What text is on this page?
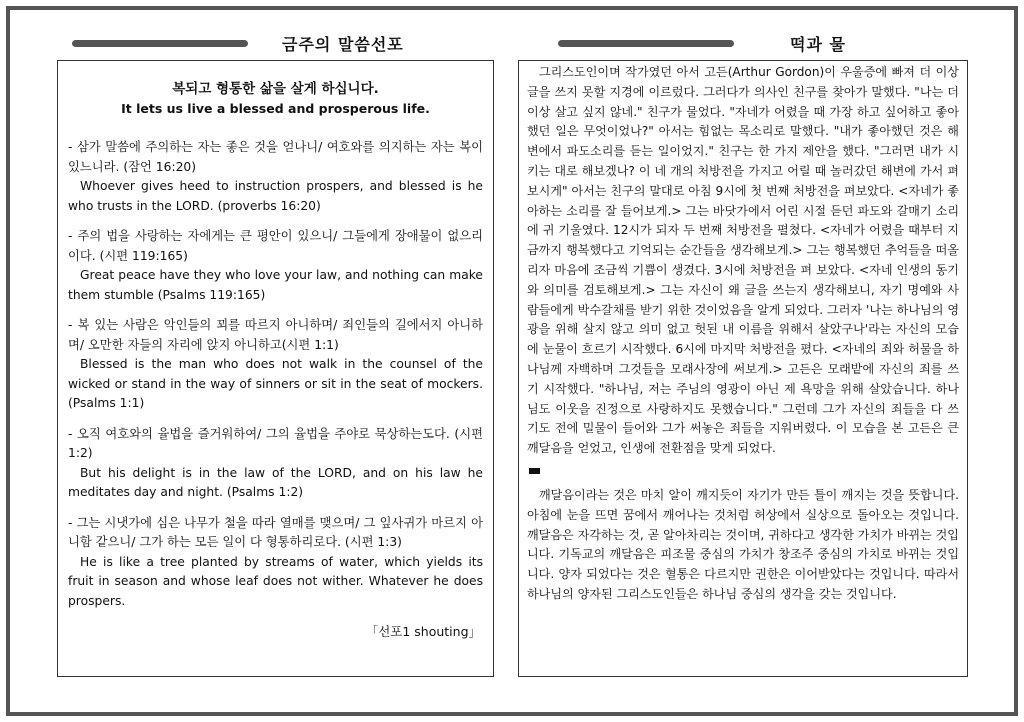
금주의 말씀선포	떡과 물
복되고 형통한 삶을 살게 하십니다.
It lets us live a blessed and prosperous life.
- 삼가 말씀에 주의하는 자는 좋은 것을 얻나니/ 여호와를 의지하는 자는 복이 있느니라. (잠언 16:20)
Whoever gives heed to instruction prospers, and blessed is he who trusts in the LORD. (proverbs 16:20)
- 주의 법을 사랑하는 자에게는 큰 평안이 있으니/ 그들에게 장애물이 없으리이다. (시편 119:165)
Great peace have they who love your law, and nothing can make them stumble (Psalms 119:165)
- 복 있는 사람은 악인들의 꾀를 따르지 아니하며/ 죄인들의 길에서지 아니하며/ 오만한 자들의 자리에 앉지 아니하고(시편 1:1)
Blessed is the man who does not walk in the counsel of the wicked or stand in the way of sinners or sit in the seat of mockers. (Psalms 1:1)
- 오직 여호와의 율법을 즐거워하여/ 그의 율법을 주야로 묵상하는도다. (시편 1:2)
But his delight is in the law of the LORD, and on his law he meditates day and night. (Psalms 1:2)
- 그는 시냇가에 심은 나무가 철을 따라 열매를 맺으며/ 그 잎사귀가 마르지 아니함 같으니/ 그가 하는 모든 일이 다 형통하리로다. (시편 1:3)
He is like a tree planted by streams of water, which yields its fruit in season and whose leaf does not wither. Whatever he does prospers.
「선포1 shouting」

그리스도인이며 작가였던 아서 고든(Arthur Gordon)이 우울증에 빠져 더 이상 글을 쓰지 못할 지경에 이르렀다. 그러다가 의사인 친구를 찾아가 말했다. "나는 더 이상 살고 싶지 않네." 친구가 물었다. "자네가 어렸을 때 가장 하고 싶어하고 좋아했던 일은 무엇이었나?" 아서는 힘없는 목소리로 말했다. "내가 좋아했던 것은 해변에서 파도소리를 듣는 일이었지." 친구는 한 가지 제안을 했다. "그러면 내가 시키는 대로 해보겠나? 이 네 개의 처방전을 가지고 어릴 때 놀러갔던 해변에 가서 펴보시게" 아서는 친구의 말대로 아침 9시에 첫 번째 처방전을 펴보았다. <자네가 좋아하는 소리를 잘 들어보게.> 그는 바닷가에서 어린 시절 듣던 파도와 갈매기 소리에 귀 기울였다. 12시가 되자 두 번째 처방전을 펼쳤다. <자네가 어렸을 때부터 지금까지 행복했다고 기억되는 순간들을 생각해보게.> 그는 행복했던 추억들을 떠올리자 마음에 조금씩 기쁨이 생겼다. 3시에 처방전을 펴 보았다. <자네 인생의 동기와 의미를 검토해보게.> 그는 자신이 왜 글을 쓰는지 생각해보니, 자기 명예와 사람들에게 박수갈채를 받기 위한 것이었음을 알게 되었다. 그러자 '나는 하나님의 영광을 위해 살지 않고 의미 없고 헛된 내 이름을 위해서 살았구나'라는 자신의 모습에 눈물이 흐르기 시작했다. 6시에 마지막 처방전을 폈다. <자네의 죄와 허물을 하나님께 자백하며 그것들을 모래사장에 써보게.> 고든은 모래밭에 자신의 죄를 쓰기 시작했다. "하나님, 저는 주님의 영광이 아닌 제 욕망을 위해 살았습니다. 하나님도 이웃을 진정으로 사랑하지도 못했습니다." 그런데 그가 자신의 죄들을 다 쓰기도 전에 밀물이 들어와 그가 써놓은 죄들을 지워버렸다. 이 모습을 본 고든은 큰 깨달음을 얻었고, 인생에 전환점을 맞게 되었다.

깨달음이라는 것은 마치 알이 깨지듯이 자기가 만든 틀이 깨지는 것을 뜻합니다. 아침에 눈을 뜨면 꿈에서 깨어나는 것처럼 허상에서 실상으로 돌아오는 것입니다. 깨달음은 자각하는 것, 곧 알아차리는 것이며, 귀하다고 생각한 가치가 바뀌는 것입니다. 기독교의 깨달음은 피조물 중심의 가치가 창조주 중심의 가치로 바뀌는 것입니다. 양자 되었다는 것은 혈통은 다르지만 권한은 이어받았다는 것입니다. 따라서 하나님의 양자된 그리스도인들은 하나님 중심의 생각을 갖는 것입니다.
